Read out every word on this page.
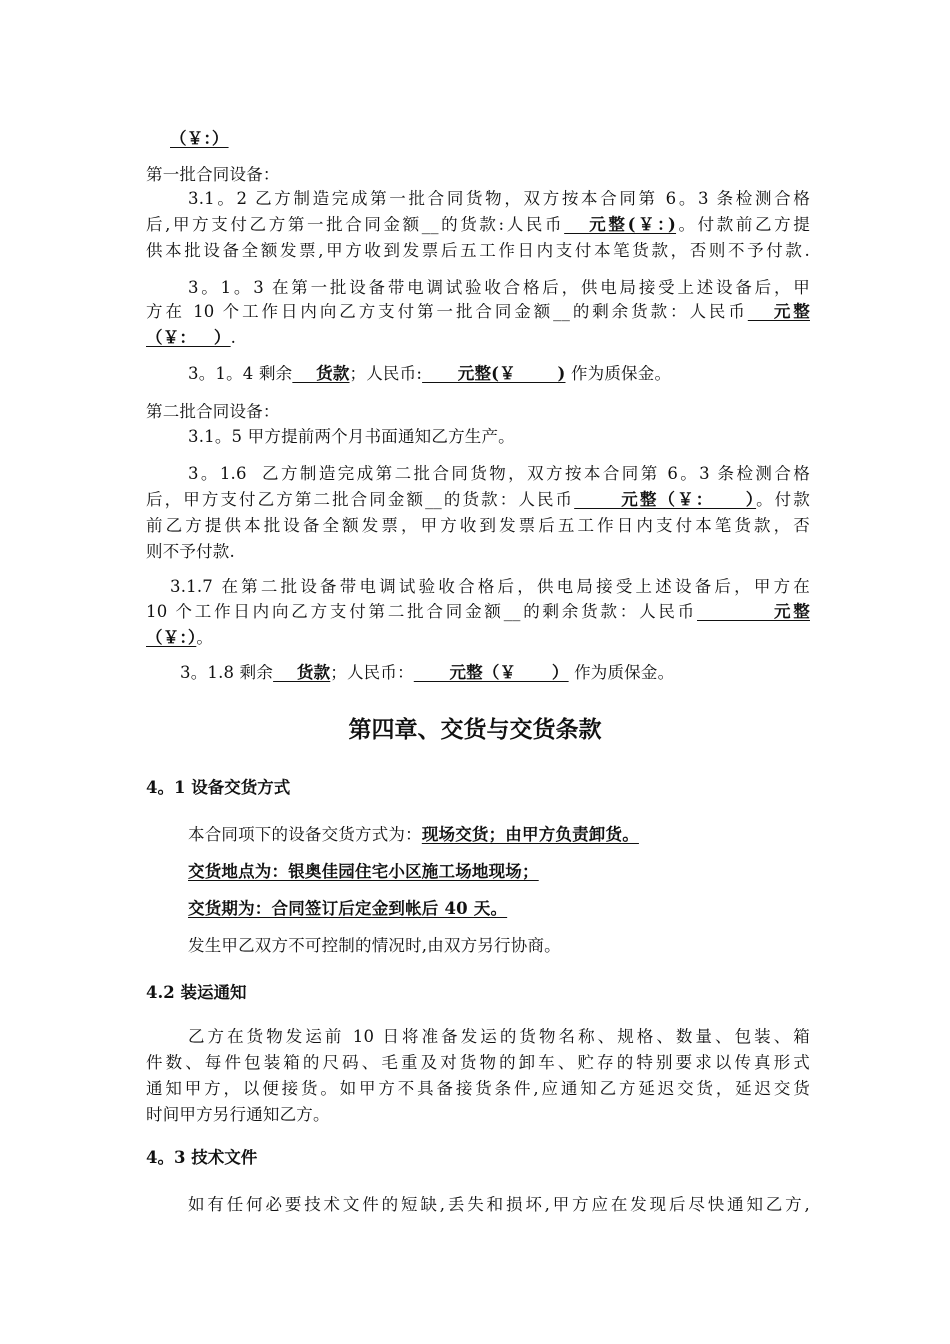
（￥：）
第一批合同设备：
3.1。2 乙方制造完成第一批合同货物，双方按本合同第 6。3 条检测合格
后,甲方支付乙方第一批合同金额__的货款:人民币   元整(￥：)。付款前乙方提
供本批设备全额发票,甲方收到发票后五工作日内支付本笔货款，否则不予付款.
3。1。3 在第一批设备带电调试验收合格后，供电局接受上述设备后，甲
方在 10 个工作日内向乙方支付第一批合同金额__的剩余货款：人民币   元整
（￥：   ）.
3。1。4 剩余    货款；人民币:      元整(￥       ) 作为质保金。
第二批合同设备：
3.1。5 甲方提前两个月书面通知乙方生产。
3。1.6  乙方制造完成第二批合同货物，双方按本合同第 6。3 条检测合格
后，甲方支付乙方第二批合同金额__的货款：人民币      元整（￥：    ）。付款
前乙方提供本批设备全额发票，甲方收到发票后五工作日内支付本笔货款，否
则不予付款.
3.1.7 在第二批设备带电调试验收合格后，供电局接受上述设备后，甲方在
10 个工作日内向乙方支付第二批合同金额__的剩余货款：人民币         元整
（￥：）。
3。1.8 剩余    货款；人民币：      元整（￥      ） 作为质保金。
第四章、交货与交货条款
4。1 设备交货方式
本合同项下的设备交货方式为：现场交货；由甲方负责卸货。
交货地点为：银奥佳园住宅小区施工场地现场；
交货期为：合同签订后定金到帐后 40 天。
发生甲乙双方不可控制的情况时,由双方另行协商。
4.2 装运通知
乙方在货物发运前 10 日将准备发运的货物名称、规格、数量、包装、箱
件数、每件包装箱的尺码、毛重及对货物的卸车、贮存的特别要求以传真形式
通知甲方，以便接货。如甲方不具备接货条件,应通知乙方延迟交货，延迟交货
时间甲方另行通知乙方。
4。3 技术文件
如有任何必要技术文件的短缺,丢失和损坏,甲方应在发现后尽快通知乙方,
